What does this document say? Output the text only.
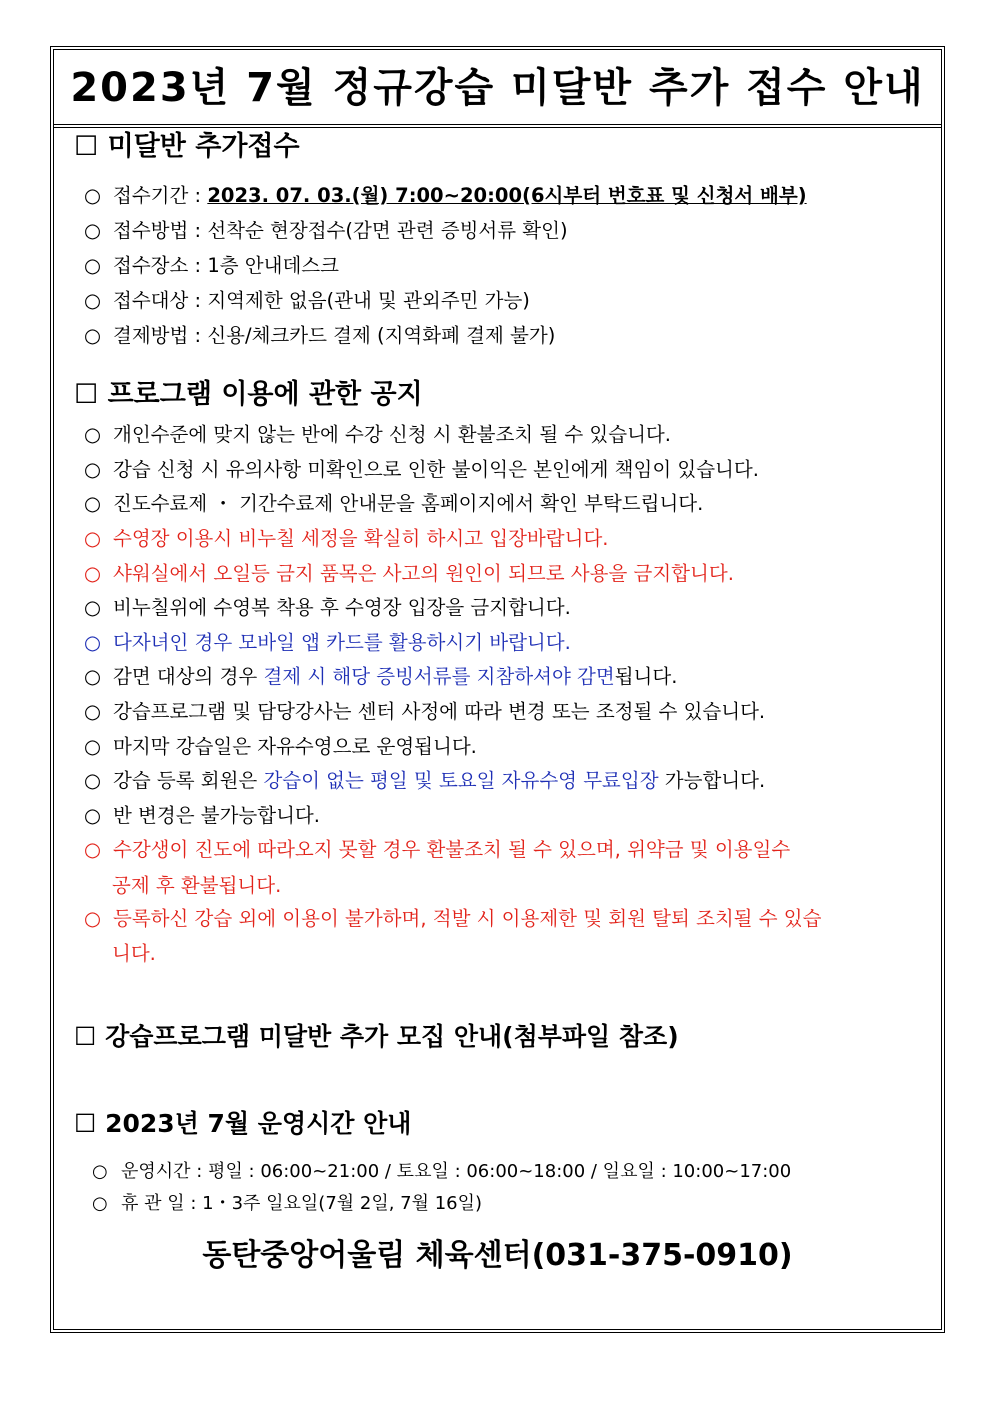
2023년 7월 정규강습 미달반 추가 접수 안내
☐ 미달반 추가접수
○ 접수기간 : 2023. 07. 03.(월) 7:00~20:00(6시부터 번호표 및 신청서 배부)
○ 접수방법 : 선착순 현장접수(감면 관련 증빙서류 확인)
○ 접수장소 : 1층 안내데스크
○ 접수대상 : 지역제한 없음(관내 및 관외주민 가능)
○ 결제방법 : 신용/체크카드 결제 (지역화폐 결제 불가)
☐ 프로그램 이용에 관한 공지
○ 개인수준에 맞지 않는 반에 수강 신청 시 환불조치 될 수 있습니다.
○ 강습 신청 시 유의사항 미확인으로 인한 불이익은 본인에게 책임이 있습니다.
○ 진도수료제 ・ 기간수료제 안내문을 홈페이지에서 확인 부탁드립니다.
○ 수영장 이용시 비누칠 세정을 확실히 하시고 입장바랍니다.
○ 샤워실에서 오일등 금지 품목은 사고의 원인이 되므로 사용을 금지합니다.
○ 비누칠위에 수영복 착용 후 수영장 입장을 금지합니다.
○ 다자녀인 경우 모바일 앱 카드를 활용하시기 바랍니다.
○ 감면 대상의 경우 결제 시 해당 증빙서류를 지참하셔야 감면됩니다.
○ 강습프로그램 및 담당강사는 센터 사정에 따라 변경 또는 조정될 수 있습니다.
○ 마지막 강습일은 자유수영으로 운영됩니다.
○ 강습 등록 회원은 강습이 없는 평일 및 토요일 자유수영 무료입장 가능합니다.
○ 반 변경은 불가능합니다.
○ 수강생이 진도에 따라오지 못할 경우 환불조치 될 수 있으며, 위약금 및 이용일수
공제 후 환불됩니다.
○ 등록하신 강습 외에 이용이 불가하며, 적발 시 이용제한 및 회원 탈퇴 조치될 수 있습
니다.
☐ 강습프로그램 미달반 추가 모집 안내(첨부파일 참조)
☐ 2023년 7월 운영시간 안내
○ 운영시간 : 평일 : 06:00~21:00 / 토요일 : 06:00~18:00 / 일요일 : 10:00~17:00
○ 휴 관 일 : 1・3주 일요일(7월 2일, 7월 16일)
동탄중앙어울림 체육센터(031-375-0910)
